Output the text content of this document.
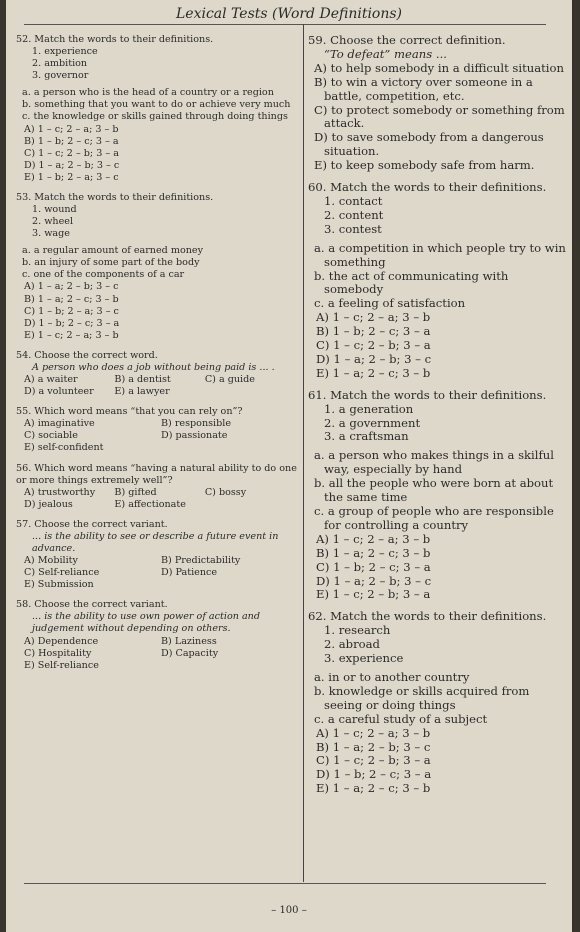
Lexical Tests (Word Definitions)
52. Match the words to their definitions.
1. experience
2. ambition
3. governor
a. a person who is the head of a country or a region
b. something that you want to do or achieve very much
c. the knowledge or skills gained through doing things
A) 1 – c; 2 – a; 3 – b
B) 1 – b; 2 – c; 3 – a
C) 1 – c; 2 – b; 3 – a
D) 1 – a; 2 – b; 3 – c
E) 1 – b; 2 – a; 3 – c
53. Match the words to their definitions.
1. wound
2. wheel
3. wage
a. a regular amount of earned money
b. an injury of some part of the body
c. one of the components of a car
A) 1 – a; 2 – b; 3 – c
B) 1 – a; 2 – c; 3 – b
C) 1 – b; 2 – a; 3 – c
D) 1 – b; 2 – c; 3 – a
E) 1 – c; 2 – a; 3 – b
54. Choose the correct word.
A person who does a job without being paid is ... .
A) a waiter	B) a dentist	C) a guide
D) a volunteer	E) a lawyer
55. Which word means “that you can rely on”?
A) imaginative	B) responsible
C) sociable	D) passionate
E) self-confident
56. Which word means “having a natural ability to do one or more things extremely well”?
A) trustworthy	B) gifted	C) bossy
D) jealous	E) affectionate
57. Choose the correct variant.
... is the ability to see or describe a future event in advance.
A) Mobility	B) Predictability
C) Self-reliance	D) Patience
E) Submission
58. Choose the correct variant.
... is the ability to use own power of action and judgement without depending on others.
A) Dependence	B) Laziness
C) Hospitality	D) Capacity
E) Self-reliance
59. Choose the correct definition.
“To defeat” means ...
A) to help somebody in a difficult situation
B) to win a victory over someone in a battle, competition, etc.
C) to protect somebody or something from attack.
D) to save somebody from a dangerous situation.
E) to keep somebody safe from harm.
60. Match the words to their definitions.
1. contact
2. content
3. contest
a. a competition in which people try to win something
b. the act of communicating with somebody
c. a feeling of satisfaction
A) 1 – c; 2 – a; 3 – b
B) 1 – b; 2 – c; 3 – a
C) 1 – c; 2 – b; 3 – a
D) 1 – a; 2 – b; 3 – c
E) 1 – a; 2 – c; 3 – b
61. Match the words to their definitions.
1. a generation
2. a government
3. a craftsman
a. a person who makes things in a skilful way, especially by hand
b. all the people who were born at about the same time
c. a group of people who are responsible for controlling a country
A) 1 – c; 2 – a; 3 – b
B) 1 – a; 2 – c; 3 – b
C) 1 – b; 2 – c; 3 – a
D) 1 – a; 2 – b; 3 – c
E) 1 – c; 2 – b; 3 – a
62. Match the words to their definitions.
1. research
2. abroad
3. experience
a. in or to another country
b. knowledge or skills acquired from seeing or doing things
c. a careful study of a subject
A) 1 – c; 2 – a; 3 – b
B) 1 – a; 2 – b; 3 – c
C) 1 – c; 2 – b; 3 – a
D) 1 – b; 2 – c; 3 – a
E) 1 – a; 2 – c; 3 – b
– 100 –
